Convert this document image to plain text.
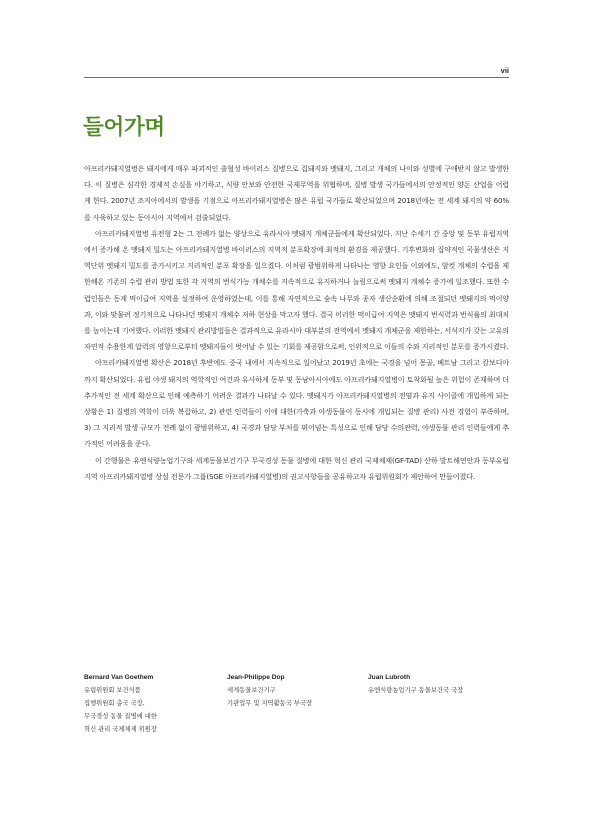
vii
들어가며

아프리카돼지열병은 돼지에게 매우 파괴적인 출혈성 바이러스 질병으로 집돼지와 멧돼지, 그리고 개체의 나이와 성별에 구애받지 않고 발생한다. 이 질병은 심각한 경제적 손실을 야기하고, 식량 안보와 안전한 국제무역을 위협하며, 질병 발생 국가들에서의 안정적인 양돈 산업을 어렵게 한다. 2007년 조지아에서의 발생을 기점으로 아프리카돼지열병은 많은 유럽 국가들로 확산되었으며 2018년에는 전 세계 돼지의 약 60%를 사육하고 있는 동아시아 지역에서 검출되었다.

아프리카돼지열병 유전형 2는 그 전례가 없는 양상으로 유라시아 멧돼지 개체군들에게 확산되었다. 지난 수세기 간 중앙 및 동부 유럽지역에서 증가해 온 멧돼지 밀도는 아프리카돼지열병 바이러스의 지역적 분포확장에 최적의 환경을 제공했다. 기후변화와 집약적인 곡물생산은 지역단위 멧돼지 밀도를 증가시키고 지리적인 분포 확장을 일으켰다. 이처럼 광범위하게 나타나는 영향 요인들 이외에도, 암컷 개체의 수렵을 제한해온 기존의 수렵 관리 방법 또한 각 지역의 번식가능 개체수를 지속적으로 유지하거나 늘림으로써 멧돼지 개체수 증가에 일조했다. 또한 수렵인들은 동계 먹이급여 지역을 설정하여 운영하였는데, 이를 통해 자연적으로 숲속 나무와 종자 생산순환에 의해 조절되던 멧돼지의 먹이양과, 이와 맞물려 정기적으로 나타나던 멧돼지 개체수 저하 현상을 막고자 했다. 결국 이러한 먹이급여 지역은 멧돼지 번식력과 번식률의 최대치를 높이는데 기여했다. 이러한 멧돼지 관리방법들은 결과적으로 유라시아 대부분의 전역에서 멧돼지 개체군을 제한하는, 서식지가 갖는 고유의 자연적 수용한계 압력의 영향으로부터 멧돼지들이 벗어날 수 있는 기회를 제공함으로써, 인위적으로 이들의 수와 지리적인 분포를 증가시켰다.

아프리카돼지열병 확산은 2018년 후반에도 중국 내에서 지속적으로 일어났고 2019년 초에는 국경을 넘어 몽골, 베트남 그리고 캄보디아까지 확산되었다. 유럽 야생 돼지의 역학적인 여건과 유사하게 동부 및 동남아시아에도 아프리카돼지열병이 토착화될 높은 위험이 존재하며 더 추가적인 전 세계 확산으로 인해 예측하기 어려운 결과가 나타날 수 있다. 멧돼지가 아프리카돼지열병의 전염과 유지 사이클에 개입하게 되는 상황은 1) 질병의 역학이 더욱 복잡하고, 2) 관련 인력들이 이에 대한(가축과 야생동물이 동시에 개입되는 질병 관리) 사전 경험이 부족하며, 3) 그 지리적 발생 규모가 전례 없이 광범위하고, 4) 국경과 담당 부처를 뛰어넘는 특성으로 인해 담당 수의관력, 야생동물 관리 인력들에게 추가적인 어려움을 준다.

이 간행물은 유엔식량농업기구와 세계동물보건기구 무국경성 동물 질병에 대한 혁신 관리 국제체제(GF-TAD) 산하 발트해연안과 동부유럽 지역 아프리카돼지열병 상설 전문가 그룹(SGE 아프리카돼지열병)의 권고사항들을 공유하고자 유럽위원회가 제안하여 만들어졌다.

Bernard Van Goethem
유럽위원회 보건식품
집행위원회 총국 국장,
무국경성 동물 질병에 대한
혁신 관리 국제체제 위원장
Jean-Philippe Dop
세계동물보건기구
기관업무 및 지역활동국 부국장
Juan Lubroth
유엔식량농업기구 동물보건국 국장
